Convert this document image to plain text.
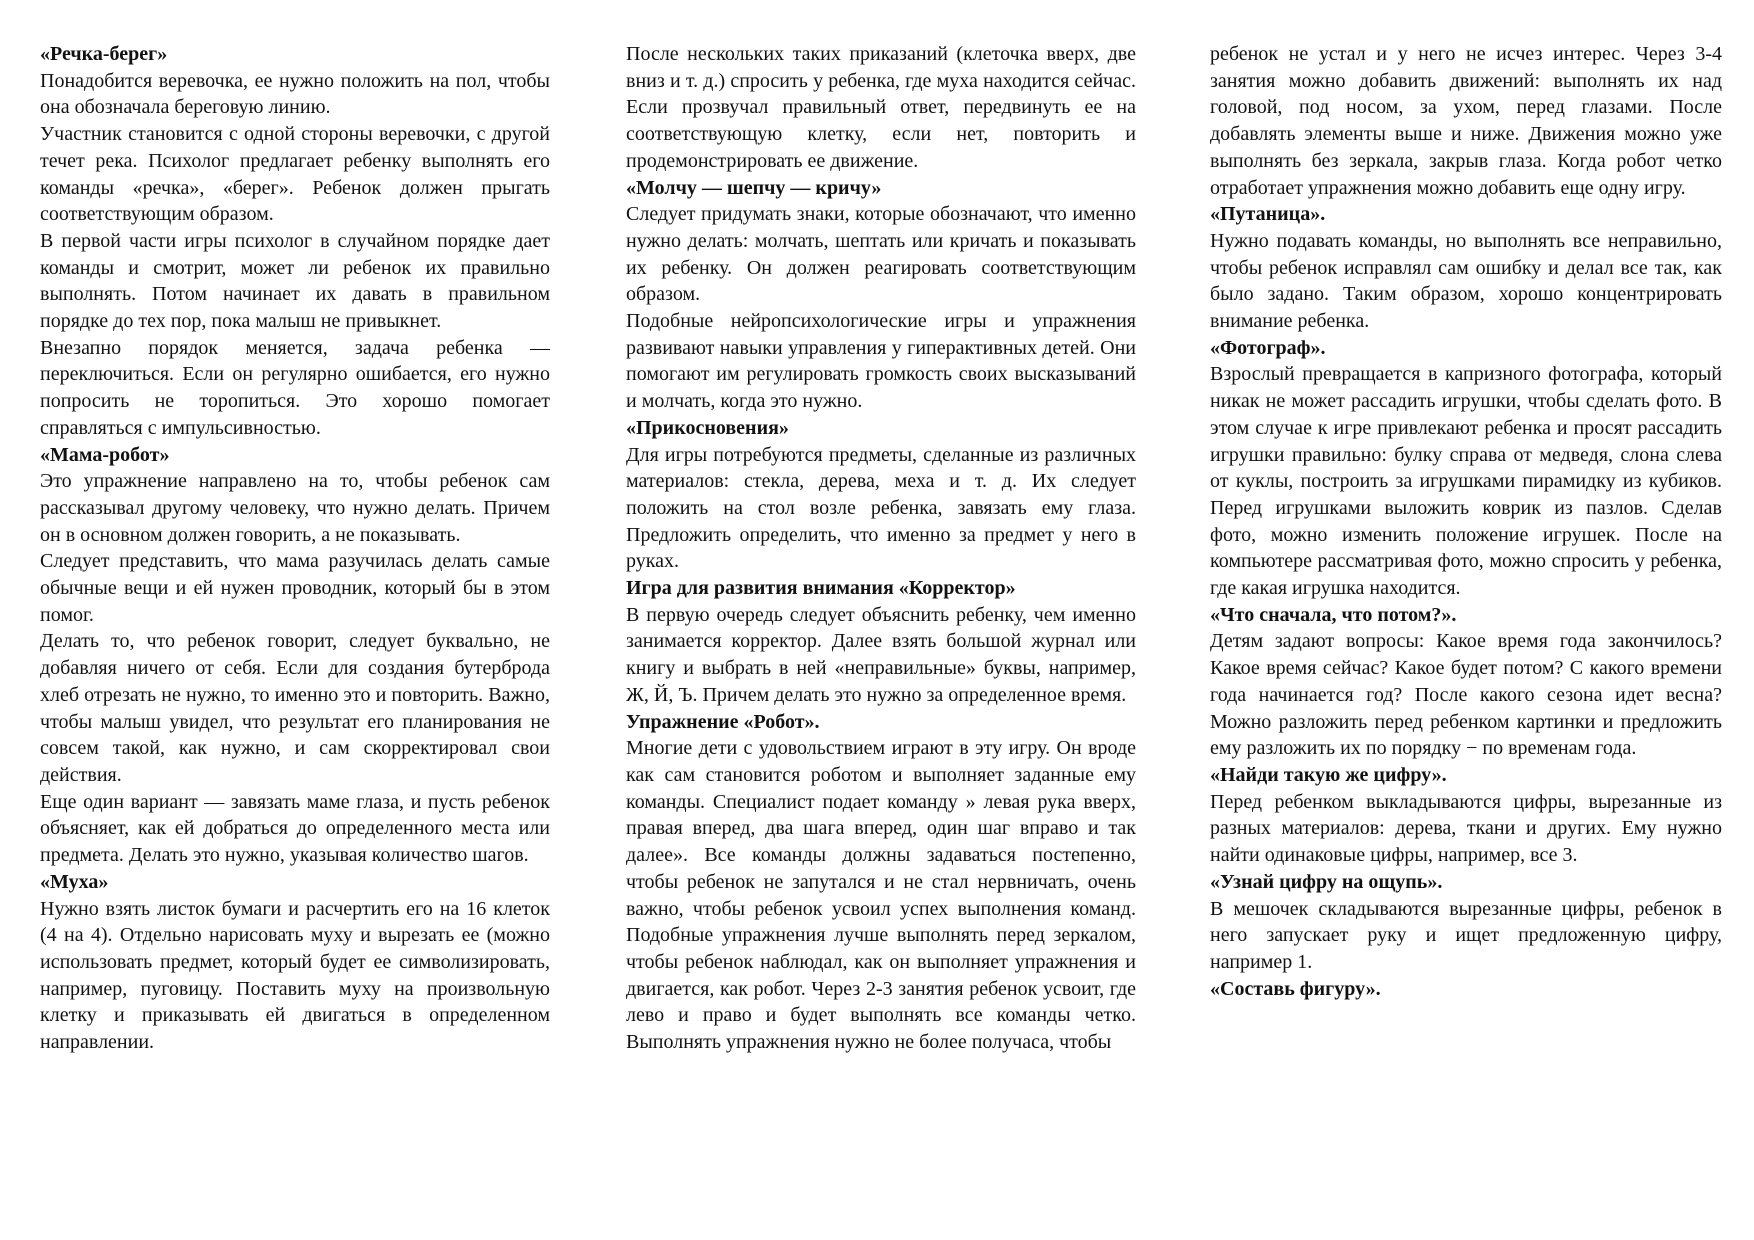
«Речка-берег»

Понадобится веревочка, ее нужно положить на пол, чтобы она обозначала береговую линию.

Участник становится с одной стороны веревочки, с другой течет река. Психолог предлагает ребенку выполнять его команды «речка», «берег». Ребенок должен прыгать соответствующим образом.

В первой части игры психолог в случайном порядке дает команды и смотрит, может ли ребенок их правильно выполнять. Потом начинает их давать в правильном порядке до тех пор, пока малыш не привыкнет.

Внезапно порядок меняется, задача ребенка — переключиться. Если он регулярно ошибается, его нужно попросить не торопиться. Это хорошо помогает справляться с импульсивностью.

«Мама-робот»

Это упражнение направлено на то, чтобы ребенок сам рассказывал другому человеку, что нужно делать. Причем он в основном должен говорить, а не показывать.

Следует представить, что мама разучилась делать самые обычные вещи и ей нужен проводник, который бы в этом помог.

Делать то, что ребенок говорит, следует буквально, не добавляя ничего от себя. Если для создания бутерброда хлеб отрезать не нужно, то именно это и повторить. Важно, чтобы малыш увидел, что результат его планирования не совсем такой, как нужно, и сам скорректировал свои действия.

Еще один вариант — завязать маме глаза, и пусть ребенок объясняет, как ей добраться до определенного места или предмета. Делать это нужно, указывая количество шагов.

«Муха»

Нужно взять листок бумаги и расчертить его на 16 клеток (4 на 4). Отдельно нарисовать муху и вырезать ее (можно использовать предмет, который будет ее символизировать, например, пуговицу. Поставить муху на произвольную клетку и приказывать ей двигаться в определенном направлении.

После нескольких таких приказаний (клеточка вверх, две вниз и т. д.) спросить у ребенка, где муха находится сейчас. Если прозвучал правильный ответ, передвинуть ее на соответствующую клетку, если нет, повторить и продемонстрировать ее движение.

«Молчу — шепчу — кричу»

Следует придумать знаки, которые обозначают, что именно нужно делать: молчать, шептать или кричать и показывать их ребенку. Он должен реагировать соответствующим образом.

Подобные нейропсихологические игры и упражнения развивают навыки управления у гиперактивных детей. Они помогают им регулировать громкость своих высказываний и молчать, когда это нужно.

«Прикосновения»

Для игры потребуются предметы, сделанные из различных материалов: стекла, дерева, меха и т. д. Их следует положить на стол возле ребенка, завязать ему глаза. Предложить определить, что именно за предмет у него в руках.

Игра для развития внимания «Корректор»

В первую очередь следует объяснить ребенку, чем именно занимается корректор. Далее взять большой журнал или книгу и выбрать в ней «неправильные» буквы, например, Ж, Й, Ъ. Причем делать это нужно за определенное время.

Упражнение «Робот».

Многие дети с удовольствием играют в эту игру. Он вроде как сам становится роботом и выполняет заданные ему команды. Специалист подает команду » левая рука вверх, правая вперед, два шага вперед, один шаг вправо и так далее». Все команды должны задаваться постепенно, чтобы ребенок не запутался и не стал нервничать, очень важно, чтобы ребенок усвоил успех выполнения команд. Подобные упражнения лучше выполнять перед зеркалом, чтобы ребенок наблюдал, как он выполняет упражнения и двигается, как робот. Через 2-3 занятия ребенок усвоит, где лево и право и будет выполнять все команды четко. Выполнять упражнения нужно не более получаса, чтобы

ребенок не устал и у него не исчез интерес. Через 3-4 занятия можно добавить движений: выполнять их над головой, под носом, за ухом, перед глазами. После добавлять элементы выше и ниже. Движения можно уже выполнять без зеркала, закрыв глаза. Когда робот четко отработает упражнения можно добавить еще одну игру.

«Путаница».

Нужно подавать команды, но выполнять все неправильно, чтобы ребенок исправлял сам ошибку и делал все так, как было задано. Таким образом, хорошо концентрировать внимание ребенка.

«Фотограф».

Взрослый превращается в капризного фотографа, который никак не может рассадить игрушки, чтобы сделать фото. В этом случае к игре привлекают ребенка и просят рассадить игрушки правильно: булку справа от медведя, слона слева от куклы, построить за игрушками пирамидку из кубиков. Перед игрушками выложить коврик из пазлов. Сделав фото, можно изменить положение игрушек. После на компьютере рассматривая фото, можно спросить у ребенка, где какая игрушка находится.

«Что сначала, что потом?».

Детям задают вопросы: Какое время года закончилось? Какое время сейчас? Какое будет потом? С какого времени года начинается год? После какого сезона идет весна? Можно разложить перед ребенком картинки и предложить ему разложить их по порядку − по временам года.

«Найди такую же цифру».

Перед ребенком выкладываются цифры, вырезанные из разных материалов: дерева, ткани и других. Ему нужно найти одинаковые цифры, например, все 3.

«Узнай цифру на ощупь».

В мешочек складываются вырезанные цифры, ребенок в него запускает руку и ищет предложенную цифру, например 1.

«Составь фигуру».
